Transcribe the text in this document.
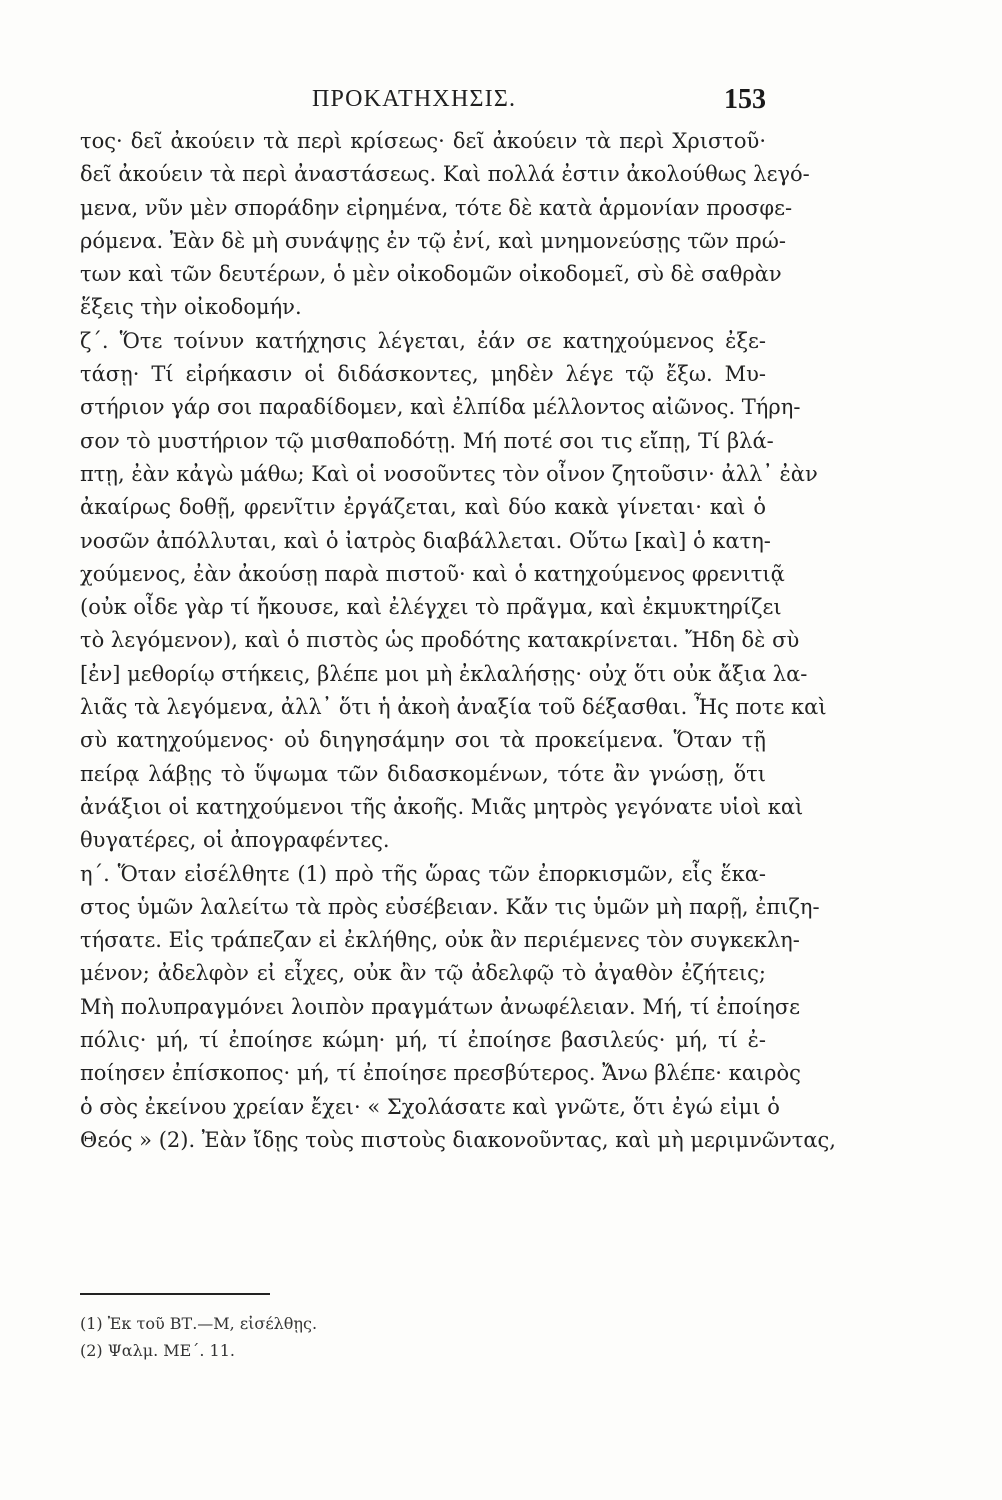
ΠΡΟΚΑΤΗΧΗΣΙΣ.	153
τος· δεῖ ἀκούειν τὰ περὶ κρίσεως· δεῖ ἀκούειν τὰ περὶ Χριστοῦ·
δεῖ ἀκούειν τὰ περὶ ἀναστάσεως. Καὶ πολλά ἐστιν ἀκολούθως λεγό-
μενα, νῦν μὲν σποράδην εἰρημένα, τότε δὲ κατὰ ἁρμονίαν προσφε-
ρόμενα. Ἐὰν δὲ μὴ συνάψῃς ἐν τῷ ἐνί, καὶ μνημονεύσῃς τῶν πρώ-
των καὶ τῶν δευτέρων, ὁ μὲν οἰκοδομῶν οἰκοδομεῖ, σὺ δὲ σαθρὰν
ἕξεις τὴν οἰκοδομήν.
ζ΄. Ὅτε τοίνυν κατήχησις λέγεται, ἐάν σε κατηχούμενος ἐξε-
τάσῃ· Τί εἰρήκασιν οἱ διδάσκοντες, μηδὲν λέγε τῷ ἔξω. Μυ-
στήριον γάρ σοι παραδίδομεν, καὶ ἐλπίδα μέλλοντος αἰῶνος. Τήρη-
σον τὸ μυστήριον τῷ μισθαποδότῃ. Μή ποτέ σοι τις εἴπῃ, Τί βλά-
πτῃ, ἐὰν κἀγὼ μάθω; Καὶ οἱ νοσοῦντες τὸν οἶνον ζητοῦσιν· ἀλλ᾽ ἐὰν
ἀκαίρως δοθῇ, φρενῖτιν ἐργάζεται, καὶ δύο κακὰ γίνεται· καὶ ὁ
νοσῶν ἀπόλλυται, καὶ ὁ ἰατρὸς διαβάλλεται. Οὕτω [καὶ] ὁ κατη-
χούμενος, ἐὰν ἀκούσῃ παρὰ πιστοῦ· καὶ ὁ κατηχούμενος φρενιτιᾷ
(οὐκ οἶδε γὰρ τί ἤκουσε, καὶ ἐλέγχει τὸ πρᾶγμα, καὶ ἐκμυκτηρίζει
τὸ λεγόμενον), καὶ ὁ πιστὸς ὡς προδότης κατακρίνεται. Ἤδη δὲ σὺ
[ἐν] μεθορίῳ στήκεις, βλέπε μοι μὴ ἐκλαλήσῃς· οὐχ ὅτι οὐκ ἄξια λα-
λιᾶς τὰ λεγόμενα, ἀλλ᾽ ὅτι ἡ ἀκοὴ ἀναξία τοῦ δέξασθαι. Ἦς ποτε καὶ
σὺ κατηχούμενος· οὐ διηγησάμην σοι τὰ προκείμενα. Ὅταν τῇ
πείρᾳ λάβῃς τὸ ὕψωμα τῶν διδασκομένων, τότε ἂν γνώσῃ, ὅτι
ἀνάξιοι οἱ κατηχούμενοι τῆς ἀκοῆς. Μιᾶς μητρὸς γεγόνατε υἱοὶ καὶ
θυγατέρες, οἱ ἀπογραφέντες.
η΄. Ὅταν εἰσέλθητε (1) πρὸ τῆς ὥρας τῶν ἐπορκισμῶν, εἷς ἕκα-
στος ὑμῶν λαλείτω τὰ πρὸς εὐσέβειαν. Κἄν τις ὑμῶν μὴ παρῇ, ἐπιζη-
τήσατε. Εἰς τράπεζαν εἰ ἐκλήθης, οὐκ ἂν περιέμενες τὸν συγκεκλη-
μένον; ἀδελφὸν εἰ εἶχες, οὐκ ἂν τῷ ἀδελφῷ τὸ ἀγαθὸν ἐζήτεις;
Μὴ πολυπραγμόνει λοιπὸν πραγμάτων ἀνωφέλειαν. Μή, τί ἐποίησε
πόλις· μή, τί ἐποίησε κώμη· μή, τί ἐποίησε βασιλεύς· μή, τί ἐ-
ποίησεν ἐπίσκοπος· μή, τί ἐποίησε πρεσβύτερος. Ἄνω βλέπε· καιρὸς
ὁ σὸς ἐκείνου χρείαν ἔχει· « Σχολάσατε καὶ γνῶτε, ὅτι ἐγώ εἰμι ὁ
Θεός » (2). Ἐὰν ἴδῃς τοὺς πιστοὺς διακονοῦντας, καὶ μὴ μεριμνῶντας,
(1) Ἐκ τοῦ ΒΤ.—Μ, εἰσέλθῃς.
(2) Ψαλμ. ΜΕ΄. 11.
